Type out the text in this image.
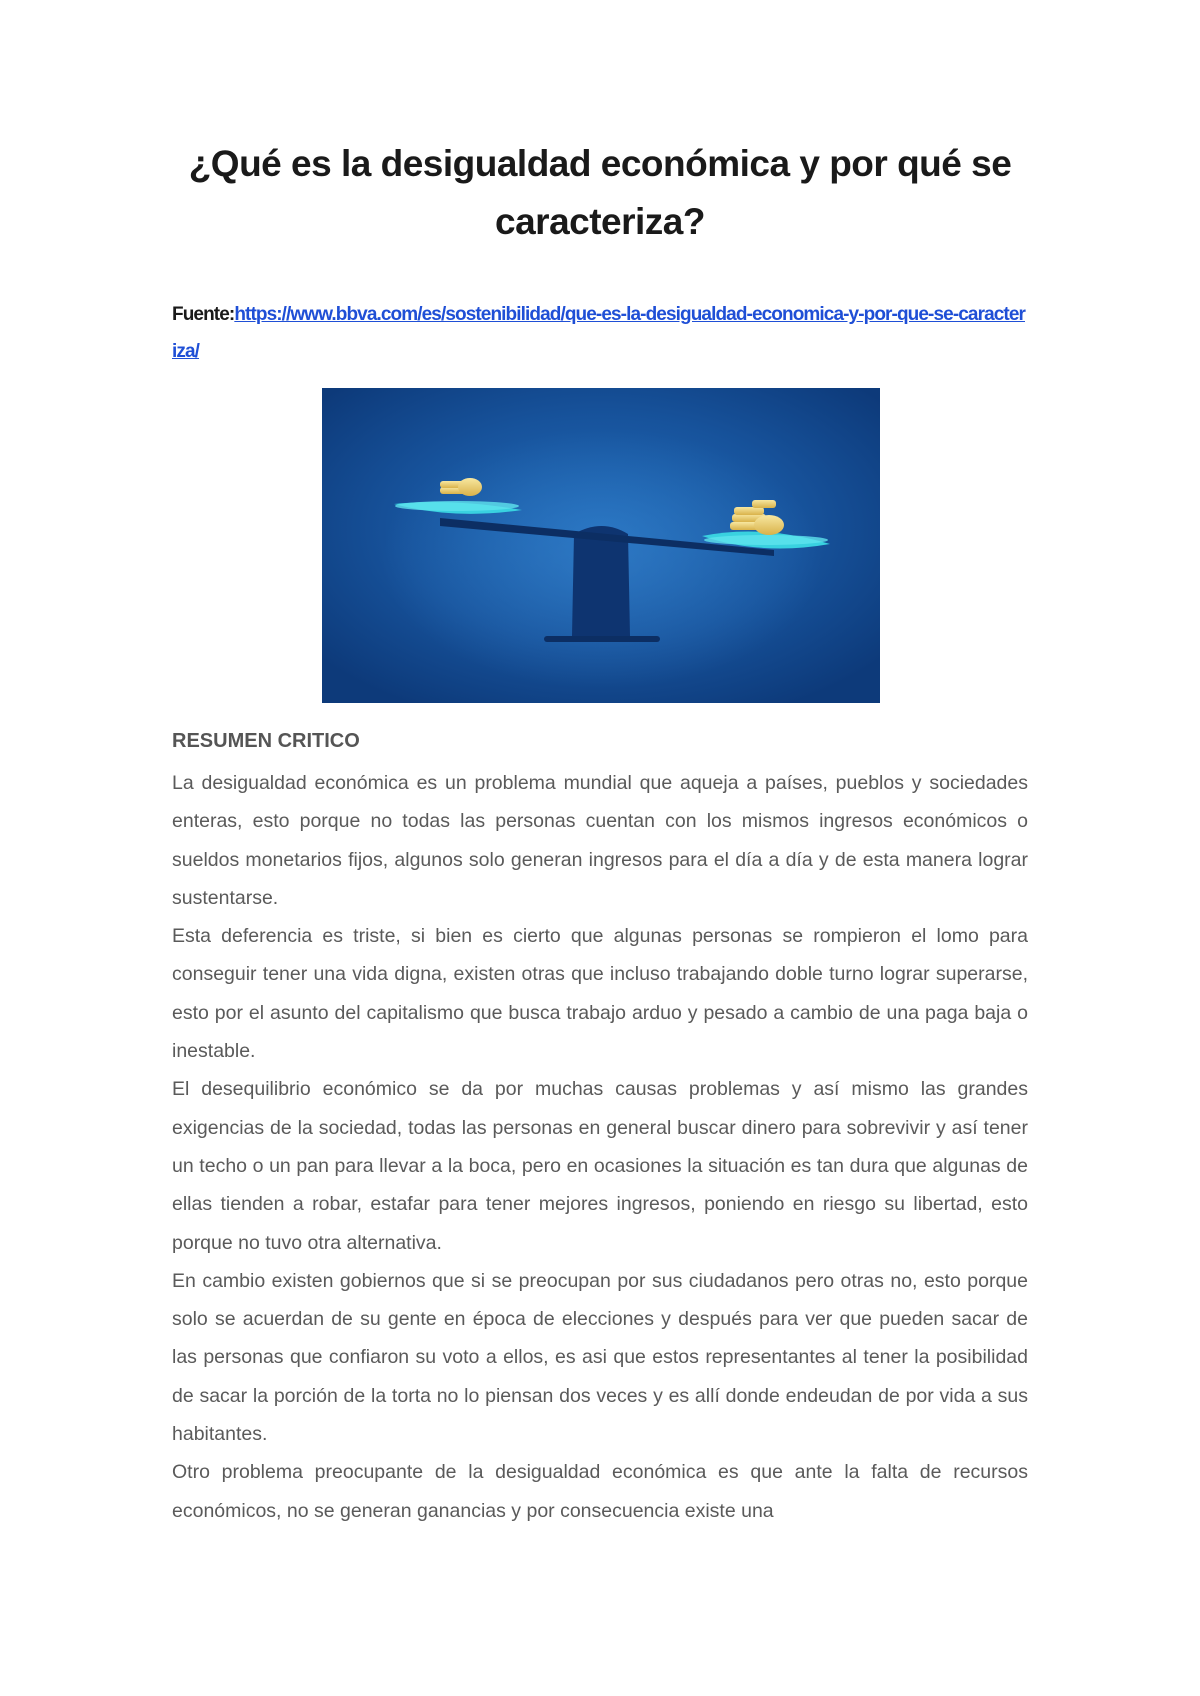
¿Qué es la desigualdad económica y por qué se caracteriza?
Fuente:https://www.bbva.com/es/sostenibilidad/que-es-la-desigualdad-economica-y-por-que-se-caracteriza/
RESUMEN CRITICO

La desigualdad económica es un problema mundial que aqueja a países, pueblos y sociedades enteras, esto porque no todas las personas cuentan con los mismos ingresos económicos o sueldos monetarios fijos, algunos solo generan ingresos para el día a día y de esta manera lograr sustentarse.

Esta deferencia es triste, si bien es cierto que algunas personas se rompieron el lomo para conseguir tener una vida digna, existen otras que incluso trabajando doble turno lograr superarse, esto por el asunto del capitalismo que busca trabajo arduo y pesado a cambio de una paga baja o inestable.

El desequilibrio económico se da por muchas causas problemas y así mismo las grandes exigencias de la sociedad, todas las personas en general buscar dinero para sobrevivir y así tener un techo o un pan para llevar a la boca, pero en ocasiones la situación es tan dura que algunas de ellas tienden a robar, estafar para tener mejores ingresos, poniendo en riesgo su libertad, esto porque no tuvo otra alternativa.

En cambio existen gobiernos que si se preocupan por sus ciudadanos pero otras no, esto porque solo se acuerdan de su gente en época de elecciones y después para ver que pueden sacar de las personas que confiaron su voto a ellos, es asi que estos representantes al tener la posibilidad de sacar la porción de la torta no lo piensan dos veces y es allí donde endeudan de por vida a sus habitantes.

Otro problema preocupante de la desigualdad económica es que ante la falta de recursos económicos, no se generan ganancias y por consecuencia existe una
